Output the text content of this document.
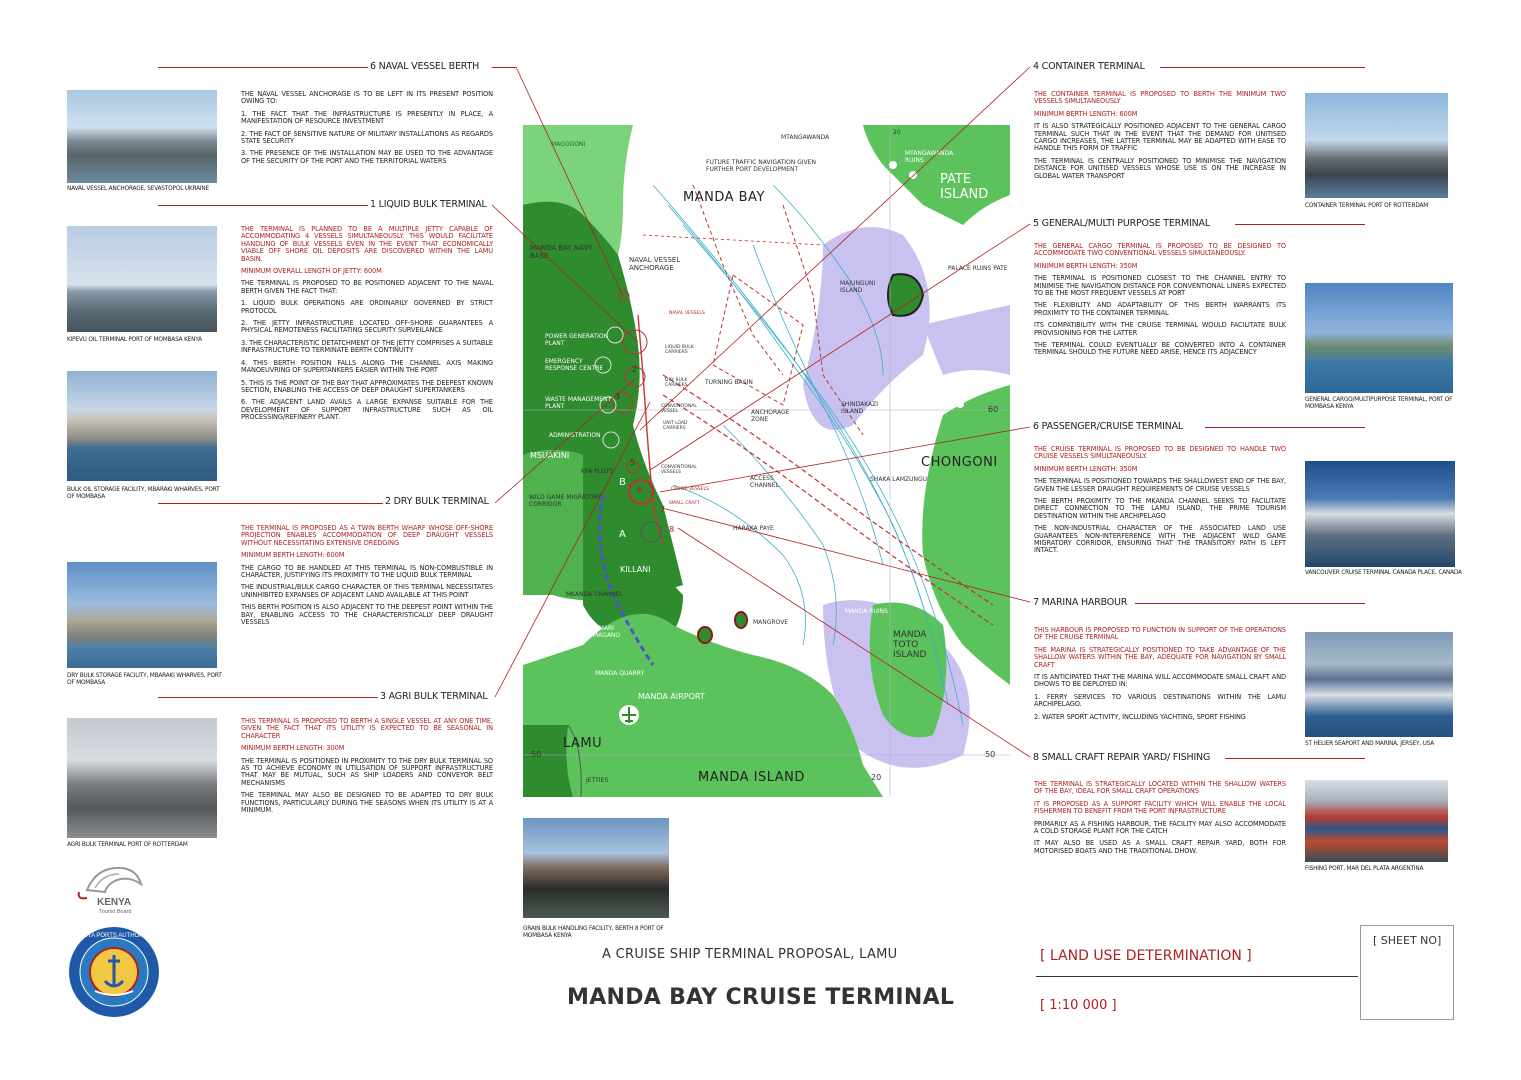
6 NAVAL VESSEL BERTH
NAVAL VESSEL ANCHORAGE, SEVASTOPOL UKRAINE

THE NAVAL VESSEL ANCHORAGE IS TO BE LEFT IN ITS PRESENT POSITION OWING TO:

1. THE FACT THAT THE INFRASTRUCTURE IS PRESENTLY IN PLACE, A MANIFESTATION OF RESOURCE INVESTMENT

2. THE FACT OF SENSITIVE NATURE OF MILITARY INSTALLATIONS AS REGARDS STATE SECURITY

3. THE PRESENCE OF THE INSTALLATION MAY BE USED TO THE ADVANTAGE OF THE SECURITY OF THE PORT AND THE TERRITORIAL WATERS

1 LIQUID BULK TERMINAL
KIPEVU OIL TERMINAL PORT OF MOMBASA KENYA
BULK OIL STORAGE FACILITY, MBARAKI WHARVES, PORT OF MOMBASA

THE TERMINAL IS PLANNED TO BE A MULTIPLE JETTY CAPABLE OF ACCOMMODATING 4 VESSELS SIMULTANEOUSLY. THIS WOULD FACILITATE HANDLING OF BULK VESSELS EVEN IN THE EVENT THAT ECONOMICALLY VIABLE OFF SHORE OIL DEPOSITS ARE DISCOVERED WITHIN THE LAMU BASIN.

MINIMUM OVERALL LENGTH OF JETTY: 600M

THE TERMINAL IS PROPOSED TO BE POSITIONED ADJACENT TO THE NAVAL BERTH GIVEN THE FACT THAT:

1. LIQUID BULK OPERATIONS ARE ORDINARILY GOVERNED BY STRICT PROTOCOL

2. THE JETTY INFRASTRUCTURE LOCATED OFF-SHORE GUARANTEES A PHYSICAL REMOTENESS FACILITATING SECURITY SURVEILANCE

3. THE CHARACTERISTIC DETATCHMENT OF THE JETTY COMPRISES A SUITABLE INFRASTRUCTURE TO TERMINATE BERTH CONTINUITY

4. THIS BERTH POSITION FALLS ALONG THE CHANNEL AXIS MAKING MANOEUVRING OF SUPERTANKERS EASIER WITHIN THE PORT

5. THIS IS THE POINT OF THE BAY THAT APPROXIMATES THE DEEPEST KNOWN SECTION, ENABLING THE ACCESS OF DEEP DRAUGHT SUPERTANKERS

6. THE ADJACENT LAND AVAILS A LARGE EXPANSE SUITABLE FOR THE DEVELOPMENT OF SUPPORT INFRASTRUCTURE SUCH AS OIL PROCESSING/REFINERY PLANT.

2 DRY BULK TERMINAL
DRY BULK STORAGE FACILITY, MBARAKI WHARVES, PORT OF MOMBASA

THE TERMINAL IS PROPOSED AS A TWIN BERTH WHARF WHOSE OFF-SHORE PROJECTION ENABLES ACCOMMODATION OF DEEP DRAUGHT VESSELS WITHOUT NECESSITATING EXTENSIVE DREDGING

MINIMUM BERTH LENGTH: 600M

THE CARGO TO BE HANDLED AT THIS TERMINAL IS NON-COMBUSTIBLE IN CHARACTER, JUSTIFYING ITS PROXIMITY TO THE LIQUID BULK TERMINAL

THE INDUSTRIAL/BULK CARGO CHARACTER OF THIS TERMINAL NECESSITATES UNINHIBITED EXPANSES OF ADJACENT LAND AVAILABLE AT THIS POINT

THIS BERTH POSITION IS ALSO ADJACENT TO THE DEEPEST POINT WITHIN THE BAY, ENABLING ACCESS TO THE CHARACTERISTICALLY DEEP DRAUGHT VESSELS

3 AGRI BULK TERMINAL
AGRI BULK TERMINAL PORT OF ROTTERDAM

THIS TERMINAL IS PROPOSED TO BERTH A SINGLE VESSEL AT ANY ONE TIME, GIVEN THE FACT THAT ITS UTILITY IS EXPECTED TO BE SEASONAL IN CHARACTER

MINIMUM BERTH LENGTH: 300M

THE TERMINAL IS POSITIONED IN PROXIMITY TO THE DRY BULK TERMINAL SO AS TO ACHIEVE ECONOMY IN UTILISATION OF SUPPORT INFRASTRUCTURE THAT MAY BE MUTUAL, SUCH AS SHIP LOADERS AND CONVEYOR BELT MECHANISMS

THE TERMINAL MAY ALSO BE DESIGNED TO BE ADAPTED TO DRY BULK FUNCTIONS, PARTICULARLY DURING THE SEASONS WHEN ITS UTILITY IS AT A MINIMUM.

KENYA
Tourist Board
KENYA PORTS AUTHORITY
MAGOGONI
MTANGAWANDA
20
MTANGAWANDA RUINS
PATE ISLAND
PATE
PALACE RUINS PATE
FUTURE TRAFFIC NAVIGATION GIVEN FURTHER PORT DEVELOPMENT
MANDA BAY
MANDA BAY NAVY BASE	NAVAL VESSEL ANCHORAGE
MAJUNGUNI ISLAND
NAVAL VESSELS
LIQUID BULK CARRIERS
POWER GENERATION PLANT
EMERGENCY RESPONSE CENTRE
DRY BULK CARRIERS	TURNING BASIN
WASTE MANAGEMENT PLANT	CONVENTIONAL VESSEL	ANCHORAGE ZONE
SHINDAKAZI ISLAND	60
ADMINISTRATION
UNIT LOAD CARRIERS
MSUAKINI
KPA PLOTS
CONVENTIONAL VESSELS
CHONGONI
ACCESS CHANNEL
SHAKA LAMZUNGU
WILD GAME MIGRATORY CORRIDOR
CRUISE VESSELS
SMALL CRAFT
HARAKA PAYE
B
A
KILLANI
MKANDA CHANNEL
KIMARI MAGANO
MANGROVE
MANDA RUINS
MANDA TOTO ISLAND
MANDA QUARRY
MANDA AIRPORT
LAMU
50	50
MANDA ISLAND	20
JETTIES
2
3
5
6
7
8
GRAIN BULK HANDLING FACILITY, BERTH 8 PORT OF MOMBASA KENYA
4 CONTAINER TERMINAL

THE CONTAINER TERMINAL IS PROPOSED TO BERTH THE MINIMUM TWO VESSELS SIMULTANEOUSLY

MINIMUM BERTH LENGTH: 600M

IT IS ALSO STRATEGICALLY POSITIONED ADJACENT TO THE GENERAL CARGO TERMINAL SUCH THAT IN THE EVENT THAT THE DEMAND FOR UNITISED CARGO INCREASES, THE LATTER TERMINAL MAY BE ADAPTED WITH EASE TO HANDLE THIS FORM OF TRAFFIC

THE TERMINAL IS CENTRALLY POSITIONED TO MINIMISE THE NAVIGATION DISTANCE FOR UNITISED VESSELS WHOSE USE IS ON THE INCREASE IN GLOBAL WATER TRANSPORT

CONTAINER TERMINAL PORT OF ROTTERDAM
5 GENERAL/MULTI PURPOSE TERMINAL

THE GENERAL CARGO TERMINAL IS PROPOSED TO BE DESIGNED TO ACCOMMODATE TWO CONVENTIONAL VESSELS SIMULTANEOUSLY.

MINIMUM BERTH LENGTH: 350M

THE TERMINAL IS POSITIONED CLOSEST TO THE CHANNEL ENTRY TO MINIMISE THE NAVIGATION DISTANCE FOR CONVENTIONAL LINERS EXPECTED TO BE THE MOST FREQUENT VESSELS AT PORT

THE FLEXIBILITY AND ADAPTABILITY OF THIS BERTH WARRANTS ITS PROXIMITY TO THE CONTAINER TERMINAL

ITS COMPATIBILITY WITH THE CRUISE TERMINAL WOULD FACILITATE BULK PROVISIONING FOR THE LATTER

THE TERMINAL COULD EVENTUALLY BE CONVERTED INTO A CONTAINER TERMINAL SHOULD THE FUTURE NEED ARISE, HENCE ITS ADJACENCY

GENERAL CARGO/MULTIPURPOSE TERMINAL, PORT OF MOMBASA KENYA
6 PASSENGER/CRUISE TERMINAL

THE CRUISE TERMINAL IS PROPOSED TO BE DESIGNED TO HANDLE TWO CRUISE VESSELS SIMULTANEOUSLY.

MINIMUM BERTH LENGTH: 350M

THE TERMINAL IS POSITIONED TOWARDS THE SHALLOWEST END OF THE BAY, GIVEN THE LESSER DRAUGHT REQUIREMENTS OF CRUISE VESSELS

THE BERTH PROXIMITY TO THE MKANDA CHANNEL SEEKS TO FACILITATE DIRECT CONNECTION TO THE LAMU ISLAND, THE PRIME TOURISM DESTINATION WITHIN THE ARCHIPELAGO

THE NON-INDUSTRIAL CHARACTER OF THE ASSOCIATED LAND USE GUARANTEES NON-INTERFERENCE WITH THE ADJACENT WILD GAME MIGRATORY CORRIDOR, ENSURING THAT THE TRANSITORY PATH IS LEFT INTACT.

VANCOUVER CRUISE TERMINAL CANADA PLACE, CANADA
7 MARINA HARBOUR

THIS HARBOUR IS PROPOSED TO FUNCTION IN SUPPORT OF THE OPERATIONS OF THE CRUISE TERMINAL

THE MARINA IS STRATEGICALLY POSITIONED TO TAKE ADVANTAGE OF THE SHALLOW WATERS WITHIN THE BAY, ADEQUATE FOR NAVIGATION BY SMALL CRAFT

IT IS ANTICIPATED THAT THE MARINA WILL ACCOMMODATE SMALL CRAFT AND DHOWS TO BE DEPLOYED IN:

1. FERRY SERVICES TO VARIOUS DESTINATIONS WITHIN THE LAMU ARCHIPELAGO.

2. WATER SPORT ACTIVITY, INCLUDING YACHTING, SPORT FISHING

ST HELIER SEAPORT AND MARINA, JERSEY, USA
8 SMALL CRAFT REPAIR YARD/ FISHING

THE TERMINAL IS STRATEGICALLY LOCATED WITHIN THE SHALLOW WATERS OF THE BAY, IDEAL FOR SMALL CRAFT OPERATIONS

IT IS PROPOSED AS A SUPPORT FACILITY WHICH WILL ENABLE THE LOCAL FISHERMEN TO BENEFIT FROM THE PORT INFRASTRUCTURE

PRIMARILY AS A FISHING HARBOUR, THE FACILITY MAY ALSO ACCOMMODATE A COLD STORAGE PLANT FOR THE CATCH

IT MAY ALSO BE USED AS A SMALL CRAFT REPAIR YARD, BOTH FOR MOTORISED BOATS AND THE TRADITIONAL DHOW.

FISHING PORT, MAR DEL PLATA ARGENTINA
A CRUISE SHIP TERMINAL PROPOSAL, LAMU
MANDA BAY CRUISE TERMINAL
[ LAND USE DETERMINATION ]
[ 1:10 000 ]
[ SHEET NO]
